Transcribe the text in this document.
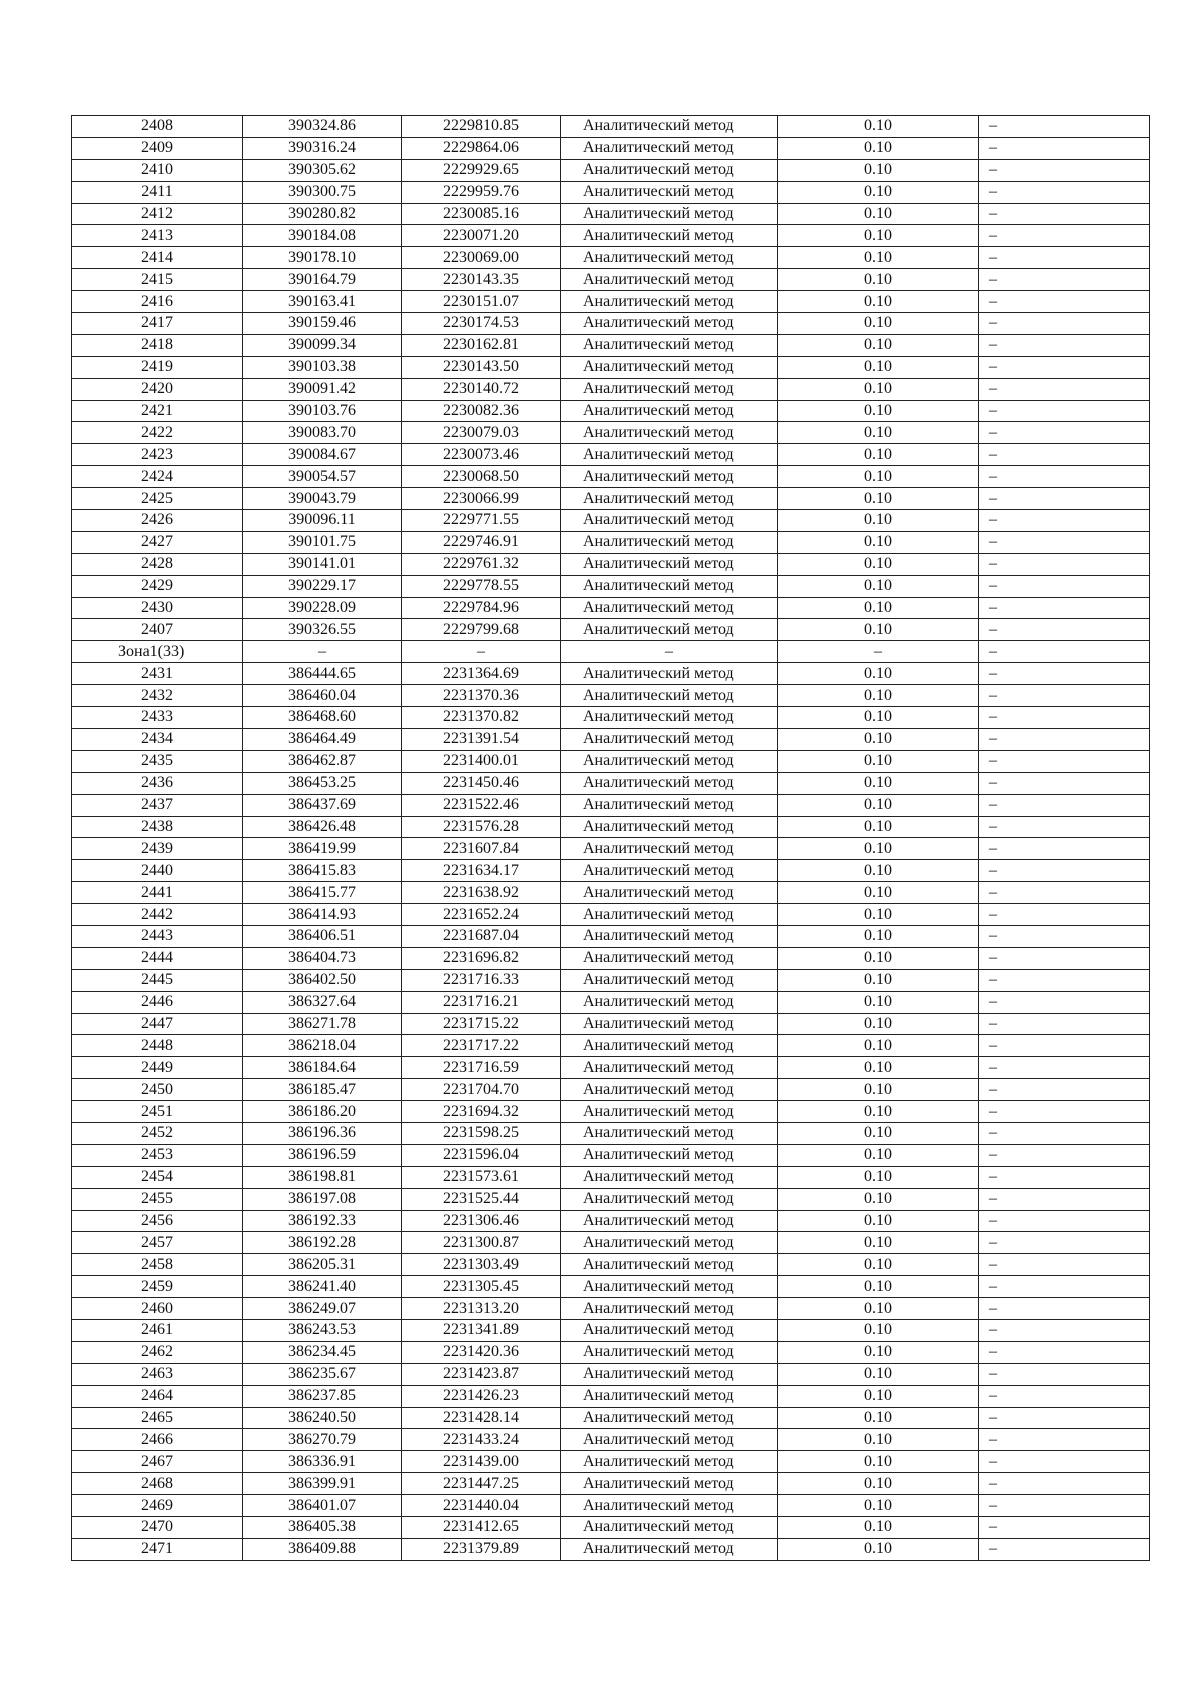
2408	390324.86	2229810.85	Аналитический метод	0.10	–
2409	390316.24	2229864.06	Аналитический метод	0.10	–
2410	390305.62	2229929.65	Аналитический метод	0.10	–
2411	390300.75	2229959.76	Аналитический метод	0.10	–
2412	390280.82	2230085.16	Аналитический метод	0.10	–
2413	390184.08	2230071.20	Аналитический метод	0.10	–
2414	390178.10	2230069.00	Аналитический метод	0.10	–
2415	390164.79	2230143.35	Аналитический метод	0.10	–
2416	390163.41	2230151.07	Аналитический метод	0.10	–
2417	390159.46	2230174.53	Аналитический метод	0.10	–
2418	390099.34	2230162.81	Аналитический метод	0.10	–
2419	390103.38	2230143.50	Аналитический метод	0.10	–
2420	390091.42	2230140.72	Аналитический метод	0.10	–
2421	390103.76	2230082.36	Аналитический метод	0.10	–
2422	390083.70	2230079.03	Аналитический метод	0.10	–
2423	390084.67	2230073.46	Аналитический метод	0.10	–
2424	390054.57	2230068.50	Аналитический метод	0.10	–
2425	390043.79	2230066.99	Аналитический метод	0.10	–
2426	390096.11	2229771.55	Аналитический метод	0.10	–
2427	390101.75	2229746.91	Аналитический метод	0.10	–
2428	390141.01	2229761.32	Аналитический метод	0.10	–
2429	390229.17	2229778.55	Аналитический метод	0.10	–
2430	390228.09	2229784.96	Аналитический метод	0.10	–
2407	390326.55	2229799.68	Аналитический метод	0.10	–
Зона1(33)	–	–	–	–	–
2431	386444.65	2231364.69	Аналитический метод	0.10	–
2432	386460.04	2231370.36	Аналитический метод	0.10	–
2433	386468.60	2231370.82	Аналитический метод	0.10	–
2434	386464.49	2231391.54	Аналитический метод	0.10	–
2435	386462.87	2231400.01	Аналитический метод	0.10	–
2436	386453.25	2231450.46	Аналитический метод	0.10	–
2437	386437.69	2231522.46	Аналитический метод	0.10	–
2438	386426.48	2231576.28	Аналитический метод	0.10	–
2439	386419.99	2231607.84	Аналитический метод	0.10	–
2440	386415.83	2231634.17	Аналитический метод	0.10	–
2441	386415.77	2231638.92	Аналитический метод	0.10	–
2442	386414.93	2231652.24	Аналитический метод	0.10	–
2443	386406.51	2231687.04	Аналитический метод	0.10	–
2444	386404.73	2231696.82	Аналитический метод	0.10	–
2445	386402.50	2231716.33	Аналитический метод	0.10	–
2446	386327.64	2231716.21	Аналитический метод	0.10	–
2447	386271.78	2231715.22	Аналитический метод	0.10	–
2448	386218.04	2231717.22	Аналитический метод	0.10	–
2449	386184.64	2231716.59	Аналитический метод	0.10	–
2450	386185.47	2231704.70	Аналитический метод	0.10	–
2451	386186.20	2231694.32	Аналитический метод	0.10	–
2452	386196.36	2231598.25	Аналитический метод	0.10	–
2453	386196.59	2231596.04	Аналитический метод	0.10	–
2454	386198.81	2231573.61	Аналитический метод	0.10	–
2455	386197.08	2231525.44	Аналитический метод	0.10	–
2456	386192.33	2231306.46	Аналитический метод	0.10	–
2457	386192.28	2231300.87	Аналитический метод	0.10	–
2458	386205.31	2231303.49	Аналитический метод	0.10	–
2459	386241.40	2231305.45	Аналитический метод	0.10	–
2460	386249.07	2231313.20	Аналитический метод	0.10	–
2461	386243.53	2231341.89	Аналитический метод	0.10	–
2462	386234.45	2231420.36	Аналитический метод	0.10	–
2463	386235.67	2231423.87	Аналитический метод	0.10	–
2464	386237.85	2231426.23	Аналитический метод	0.10	–
2465	386240.50	2231428.14	Аналитический метод	0.10	–
2466	386270.79	2231433.24	Аналитический метод	0.10	–
2467	386336.91	2231439.00	Аналитический метод	0.10	–
2468	386399.91	2231447.25	Аналитический метод	0.10	–
2469	386401.07	2231440.04	Аналитический метод	0.10	–
2470	386405.38	2231412.65	Аналитический метод	0.10	–
2471	386409.88	2231379.89	Аналитический метод	0.10	–
